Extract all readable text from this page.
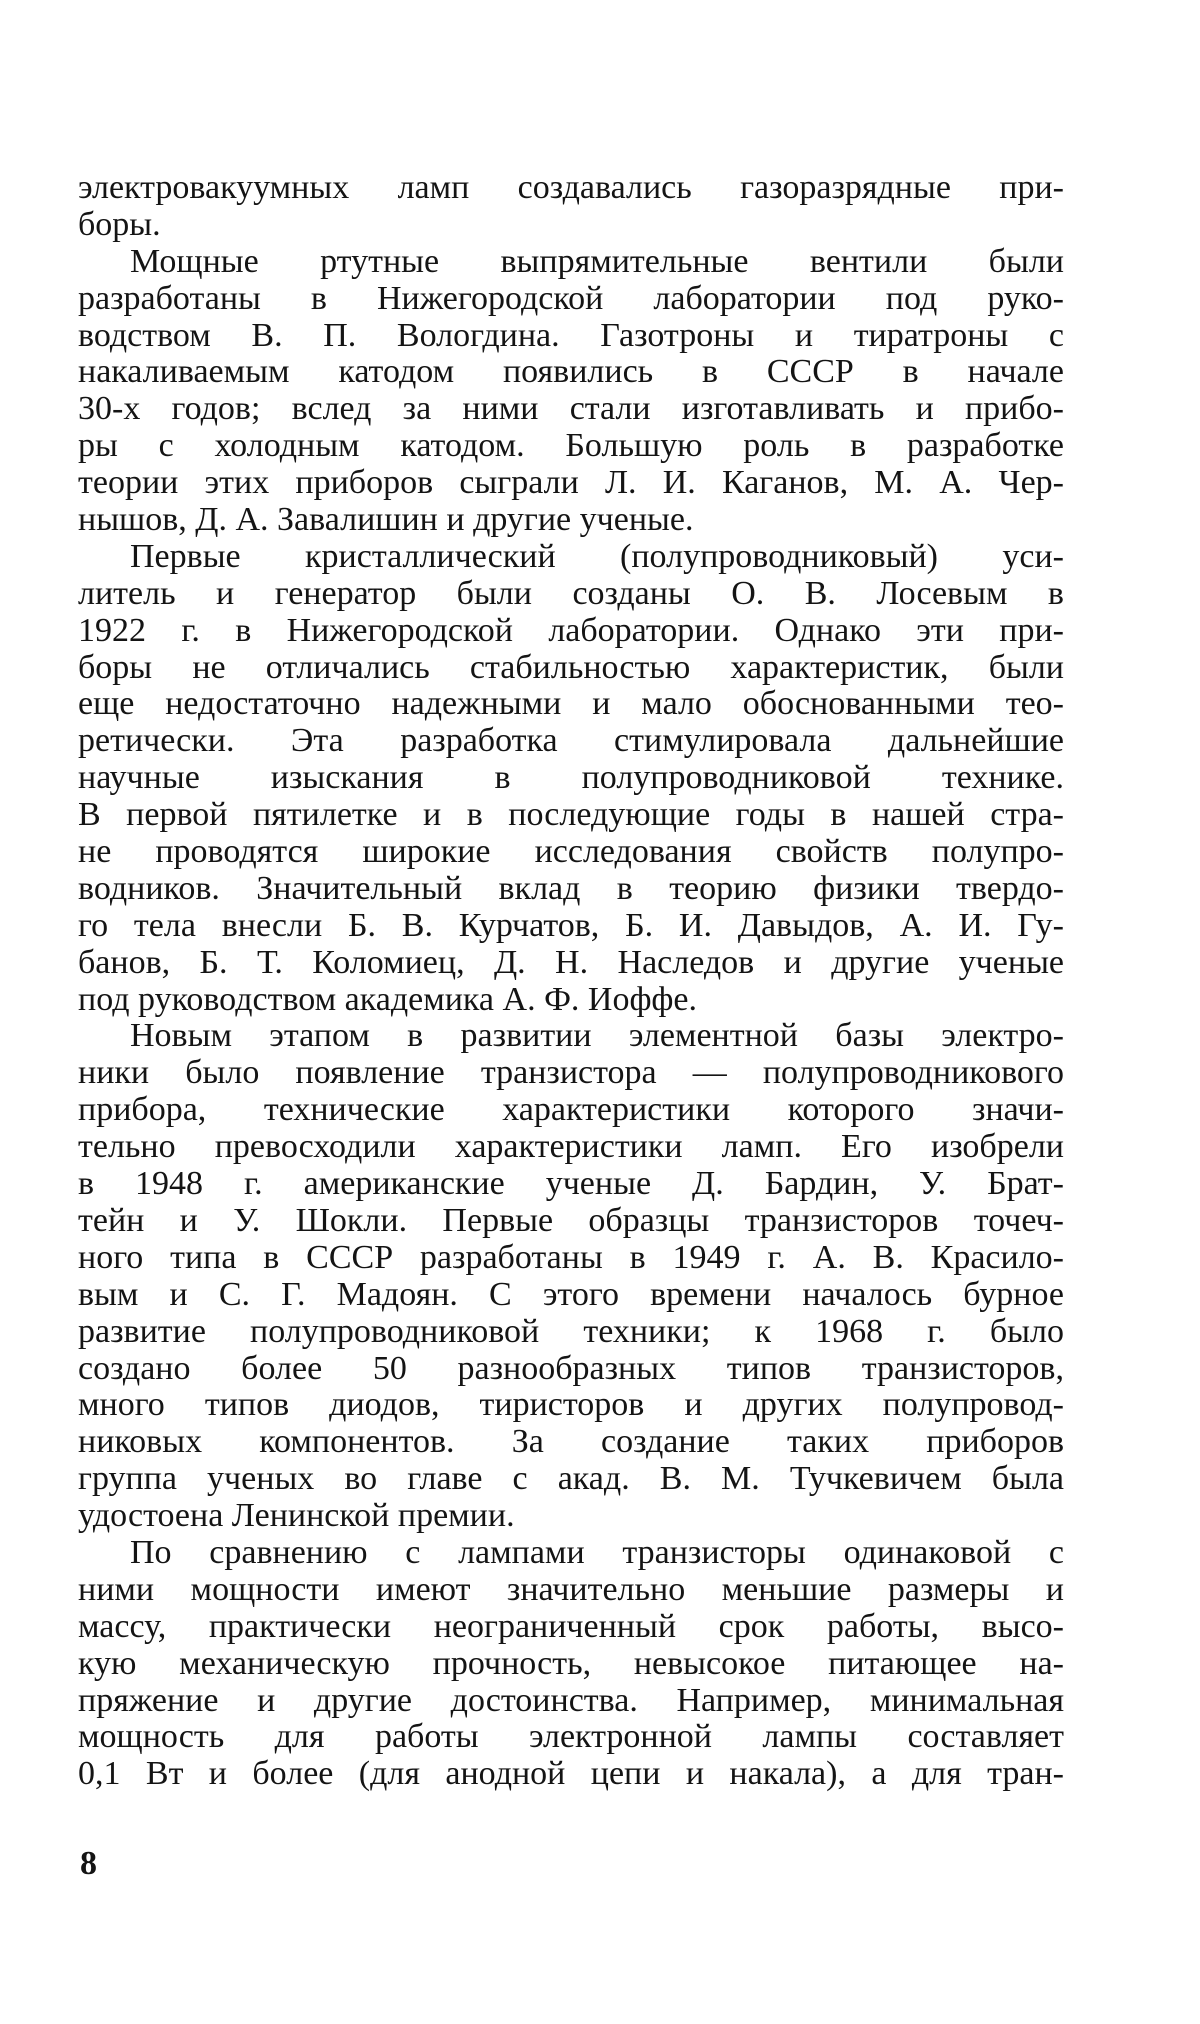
электровакуумных ламп создавались газоразрядные при-
боры.
Мощные ртутные выпрямительные вентили были
разработаны в Нижегородской лаборатории под руко-
водством В. П. Вологдина. Газотроны и тиратроны с
накаливаемым катодом появились в СССР в начале
30-х годов; вслед за ними стали изготавливать и прибо-
ры с холодным катодом. Большую роль в разработке
теории этих приборов сыграли Л. И. Каганов, М. А. Чер-
нышов, Д. А. Завалишин и другие ученые.
Первые кристаллический (полупроводниковый) уси-
литель и генератор были созданы О. В. Лосевым в
1922 г. в Нижегородской лаборатории. Однако эти при-
боры не отличались стабильностью характеристик, были
еще недостаточно надежными и мало обоснованными тео-
ретически. Эта разработка стимулировала дальнейшие
научные изыскания в полупроводниковой технике.
В первой пятилетке и в последующие годы в нашей стра-
не проводятся широкие исследования свойств полупро-
водников. Значительный вклад в теорию физики твердо-
го тела внесли Б. В. Курчатов, Б. И. Давыдов, А. И. Гу-
банов, Б. Т. Коломиец, Д. Н. Наследов и другие ученые
под руководством академика А. Ф. Иоффе.
Новым этапом в развитии элементной базы электро-
ники было появление транзистора — полупроводникового
прибора, технические характеристики которого значи-
тельно превосходили характеристики ламп. Его изобрели
в 1948 г. американские ученые Д. Бардин, У. Брат-
тейн и У. Шокли. Первые образцы транзисторов точеч-
ного типа в СССР разработаны в 1949 г. А. В. Красило-
вым и С. Г. Мадоян. С этого времени началось бурное
развитие полупроводниковой техники; к 1968 г. было
создано более 50 разнообразных типов транзисторов,
много типов диодов, тиристоров и других полупровод-
никовых компонентов. За создание таких приборов
группа ученых во главе с акад. В. М. Тучкевичем была
удостоена Ленинской премии.
По сравнению с лампами транзисторы одинаковой с
ними мощности имеют значительно меньшие размеры и
массу, практически неограниченный срок работы, высо-
кую механическую прочность, невысокое питающее на-
пряжение и другие достоинства. Например, минимальная
мощность для работы электронной лампы составляет
0,1 Вт и более (для анодной цепи и накала), а для тран-
8
